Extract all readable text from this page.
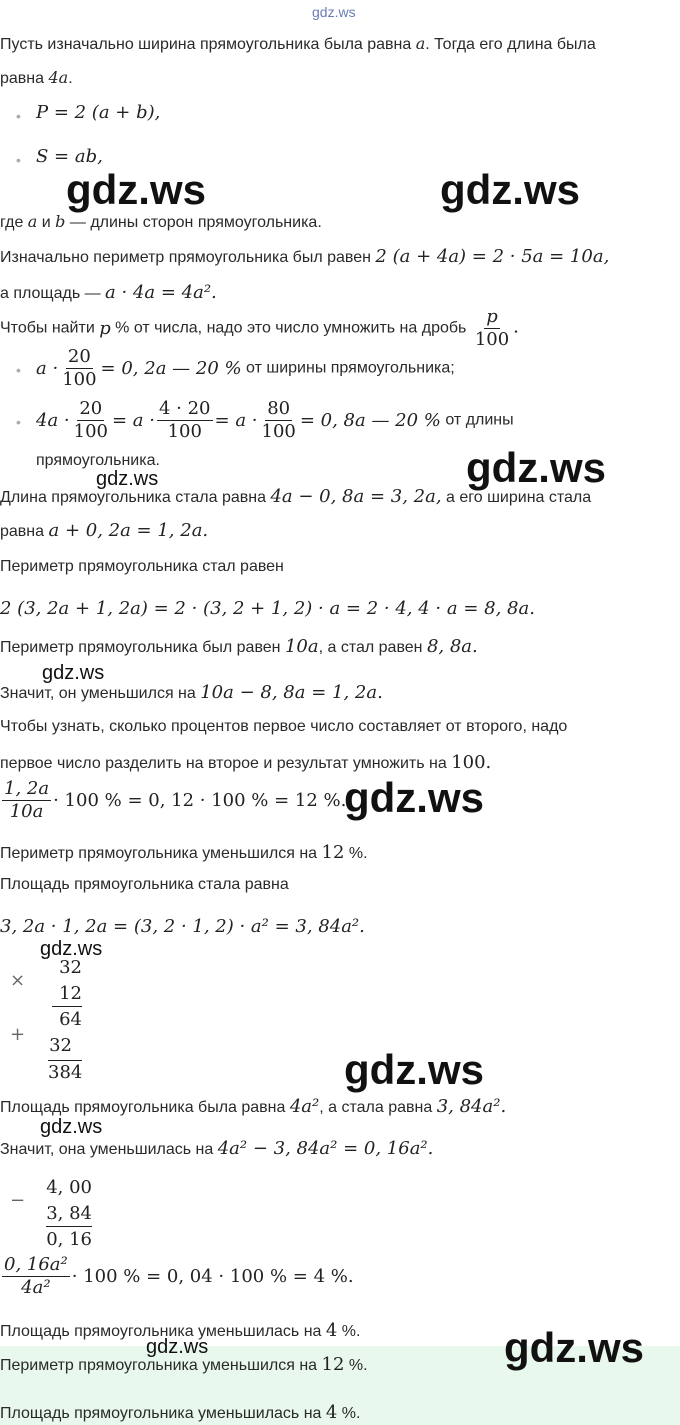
gdz.ws
Пусть изначально ширина прямоугольника была равна a. Тогда его длина была
равна 4a.
• P = 2 (a + b),
• S = ab,
gdz.ws	gdz.ws
где a и b — длины сторон прямоугольника.
Изначально периметр прямоугольника был равен 2 (a + 4a) = 2 · 5a = 10a,
а площадь — a · 4a = 4a².
Чтобы найти p % от числа, надо это число умножить на дробь $\frac{p}{100}$ .
• $a \cdot \frac{20}{100} = 0$, 2a — 20 % от ширины прямоугольника;
• $4a \cdot \frac{20}{100} = a \cdot \frac{4 \cdot 20}{100} = a \cdot \frac{80}{100} = 0$, 8a — 20 % от длины
прямоугольника.	gdz.ws
gdz.ws
Длина прямоугольника стала равна 4a − 0, 8a = 3, 2a, а его ширина стала
равна a + 0, 2a = 1, 2a.
Периметр прямоугольника стал равен
2 (3, 2a + 1, 2a) = 2 · (3, 2 + 1, 2) · a = 2 · 4, 4 · a = 8, 8a.
Периметр прямоугольника был равен 10a, а стал равен 8, 8a.
gdz.ws
Значит, он уменьшился на 10a − 8, 8a = 1, 2a.
Чтобы узнать, сколько процентов первое число составляет от второго, надо
первое число разделить на второе и результат умножить на 100.
$\frac{1, 2a}{10a} \cdot 100$ % = 0, 12 · 100 % = 12 %.
gdz.ws
Периметр прямоугольника уменьшился на 12 %.
Площадь прямоугольника стала равна
3, 2a · 1, 2a = (3, 2 · 1, 2) · a² = 3, 84a².
gdz.ws
×
32
12
64
+
32
384	gdz.ws
Площадь прямоугольника была равна 4a², а стала равна 3, 84a².
gdz.ws
Значит, она уменьшилась на 4a² − 3, 84a² = 0, 16a².
−
4, 00
3, 84
0, 16
$\frac{\text{0, 16a²}}{\text{4a²}} \cdot 100$ % = 0, 04 · 100 % = 4 %.
Площадь прямоугольника уменьшилась на 4 %.
gdz.ws	gdz.ws
Периметр прямоугольника уменьшился на 12 %.
Площадь прямоугольника уменьшилась на 4 %.
